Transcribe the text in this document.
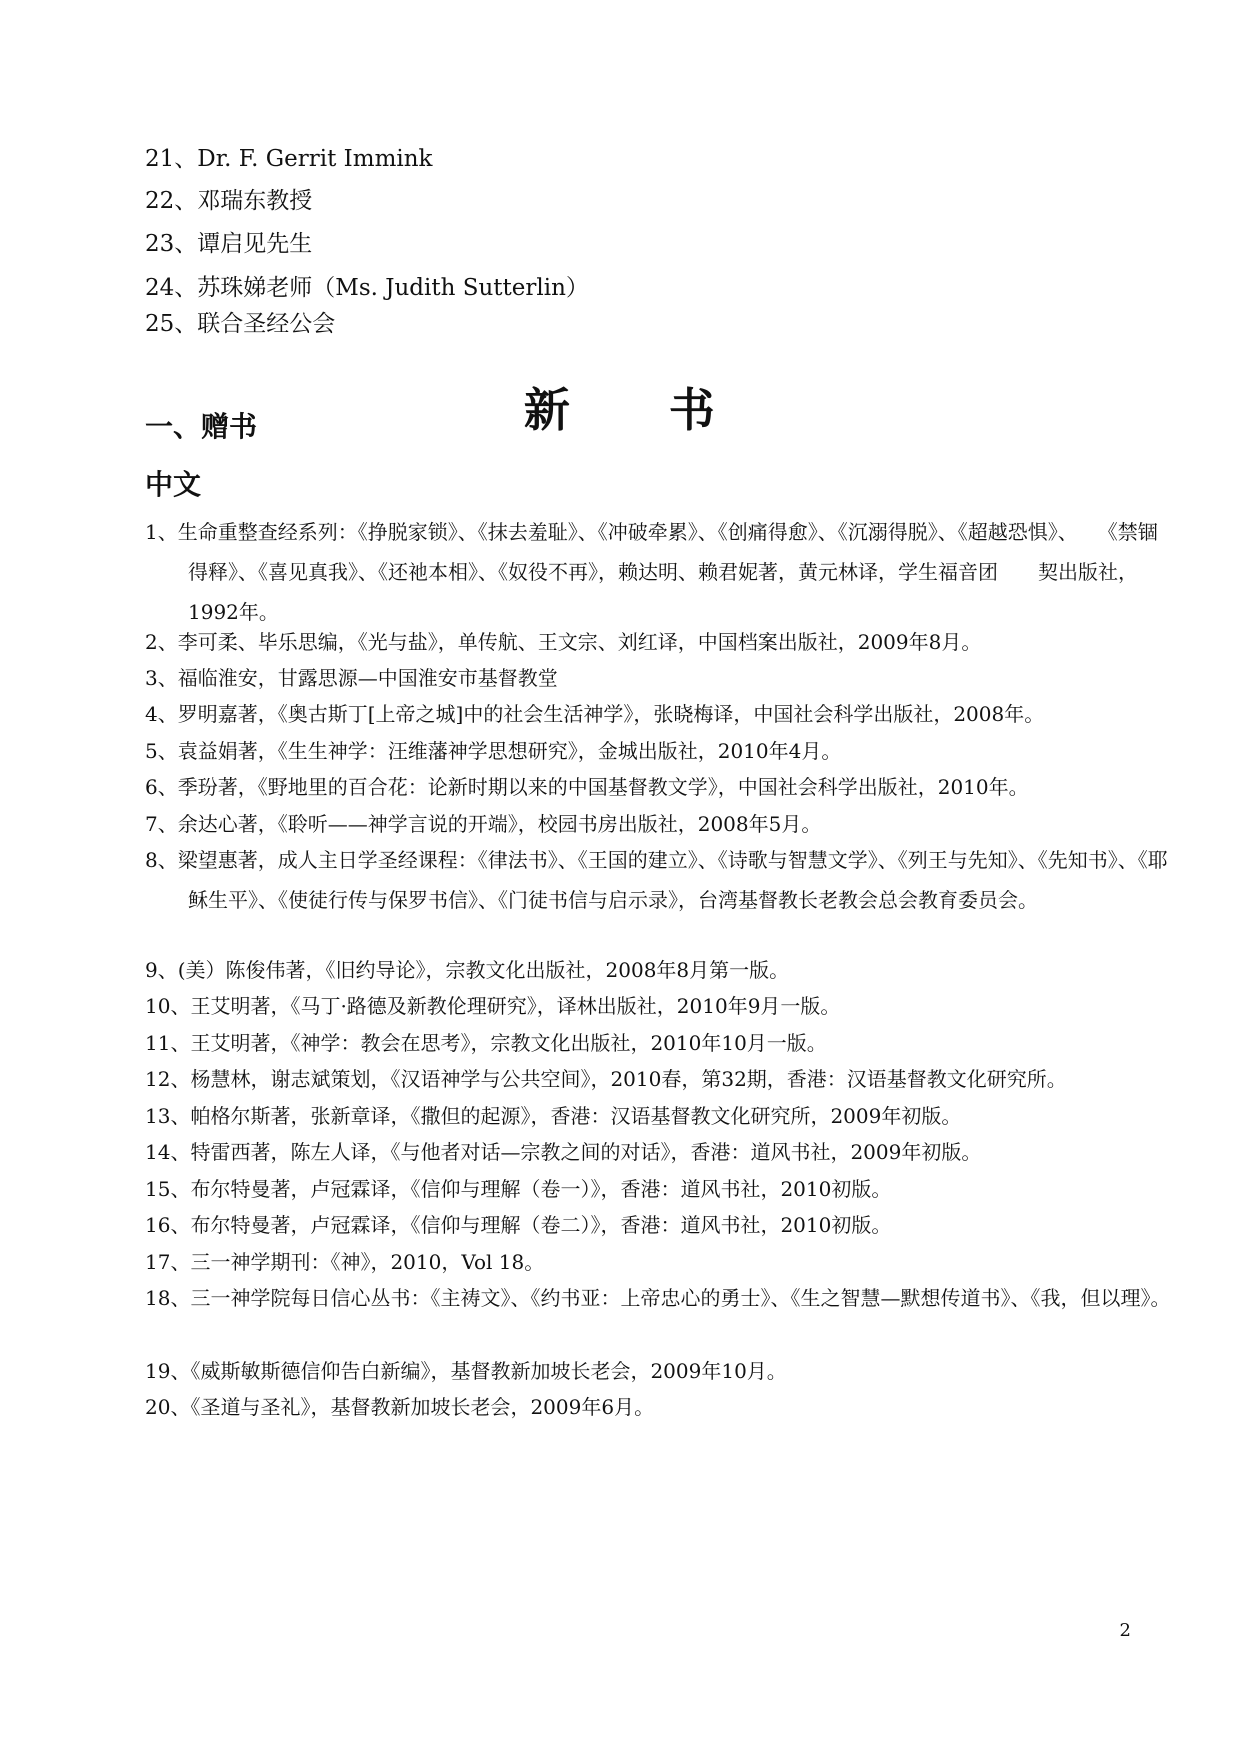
21、Dr. F. Gerrit Immink
22、邓瑞东教授
23、谭启见先生
24、苏珠娣老师（Ms. Judith Sutterlin）
25、联合圣经公会
新　　书
一、赠书
中文
1、生命重整查经系列：《挣脱家锁》、《抹去羞耻》、《冲破牵累》、《创痛得愈》、《沉溺得脱》、《超越恐惧》、　　《禁锢得释》、《喜见真我》、《还祂本相》、《奴役不再》，赖达明、赖君妮著，黄元林译，学生福音团　　契出版社，1992年。
2、李可柔、毕乐思编，《光与盐》，单传航、王文宗、刘红译，中国档案出版社，2009年8月。
3、福临淮安，甘露思源—中国淮安市基督教堂
4、罗明嘉著，《奥古斯丁[上帝之城]中的社会生活神学》，张晓梅译，中国社会科学出版社，2008年。
5、袁益娟著，《生生神学：汪维藩神学思想研究》，金城出版社，2010年4月。
6、季玢著，《野地里的百合花：论新时期以来的中国基督教文学》，中国社会科学出版社，2010年。
7、余达心著，《聆听——神学言说的开端》，校园书房出版社，2008年5月。
8、梁望惠著，成人主日学圣经课程：《律法书》、《王国的建立》、《诗歌与智慧文学》、《列王与先知》、《先知书》、《耶稣生平》、《使徒行传与保罗书信》、《门徒书信与启示录》，台湾基督教长老教会总会教育委员会。
9、(美）陈俊伟著，《旧约导论》，宗教文化出版社，2008年8月第一版。
10、王艾明著，《马丁·路德及新教伦理研究》，译林出版社，2010年9月一版。
11、王艾明著，《神学：教会在思考》，宗教文化出版社，2010年10月一版。
12、杨慧林，谢志斌策划，《汉语神学与公共空间》，2010春，第32期，香港：汉语基督教文化研究所。
13、帕格尔斯著，张新章译，《撒但的起源》，香港：汉语基督教文化研究所，2009年初版。
14、特雷西著，陈左人译，《与他者对话—宗教之间的对话》，香港：道风书社，2009年初版。
15、布尔特曼著，卢冠霖译，《信仰与理解（卷一）》，香港：道风书社，2010初版。
16、布尔特曼著，卢冠霖译，《信仰与理解（卷二）》，香港：道风书社，2010初版。
17、三一神学期刊：《神》，2010，Vol 18。
18、三一神学院每日信心丛书：《主祷文》、《约书亚：上帝忠心的勇士》、《生之智慧—默想传道书》、《我，但以理》。
19、《威斯敏斯德信仰告白新编》，基督教新加坡长老会，2009年10月。
20、《圣道与圣礼》，基督教新加坡长老会，2009年6月。
2
